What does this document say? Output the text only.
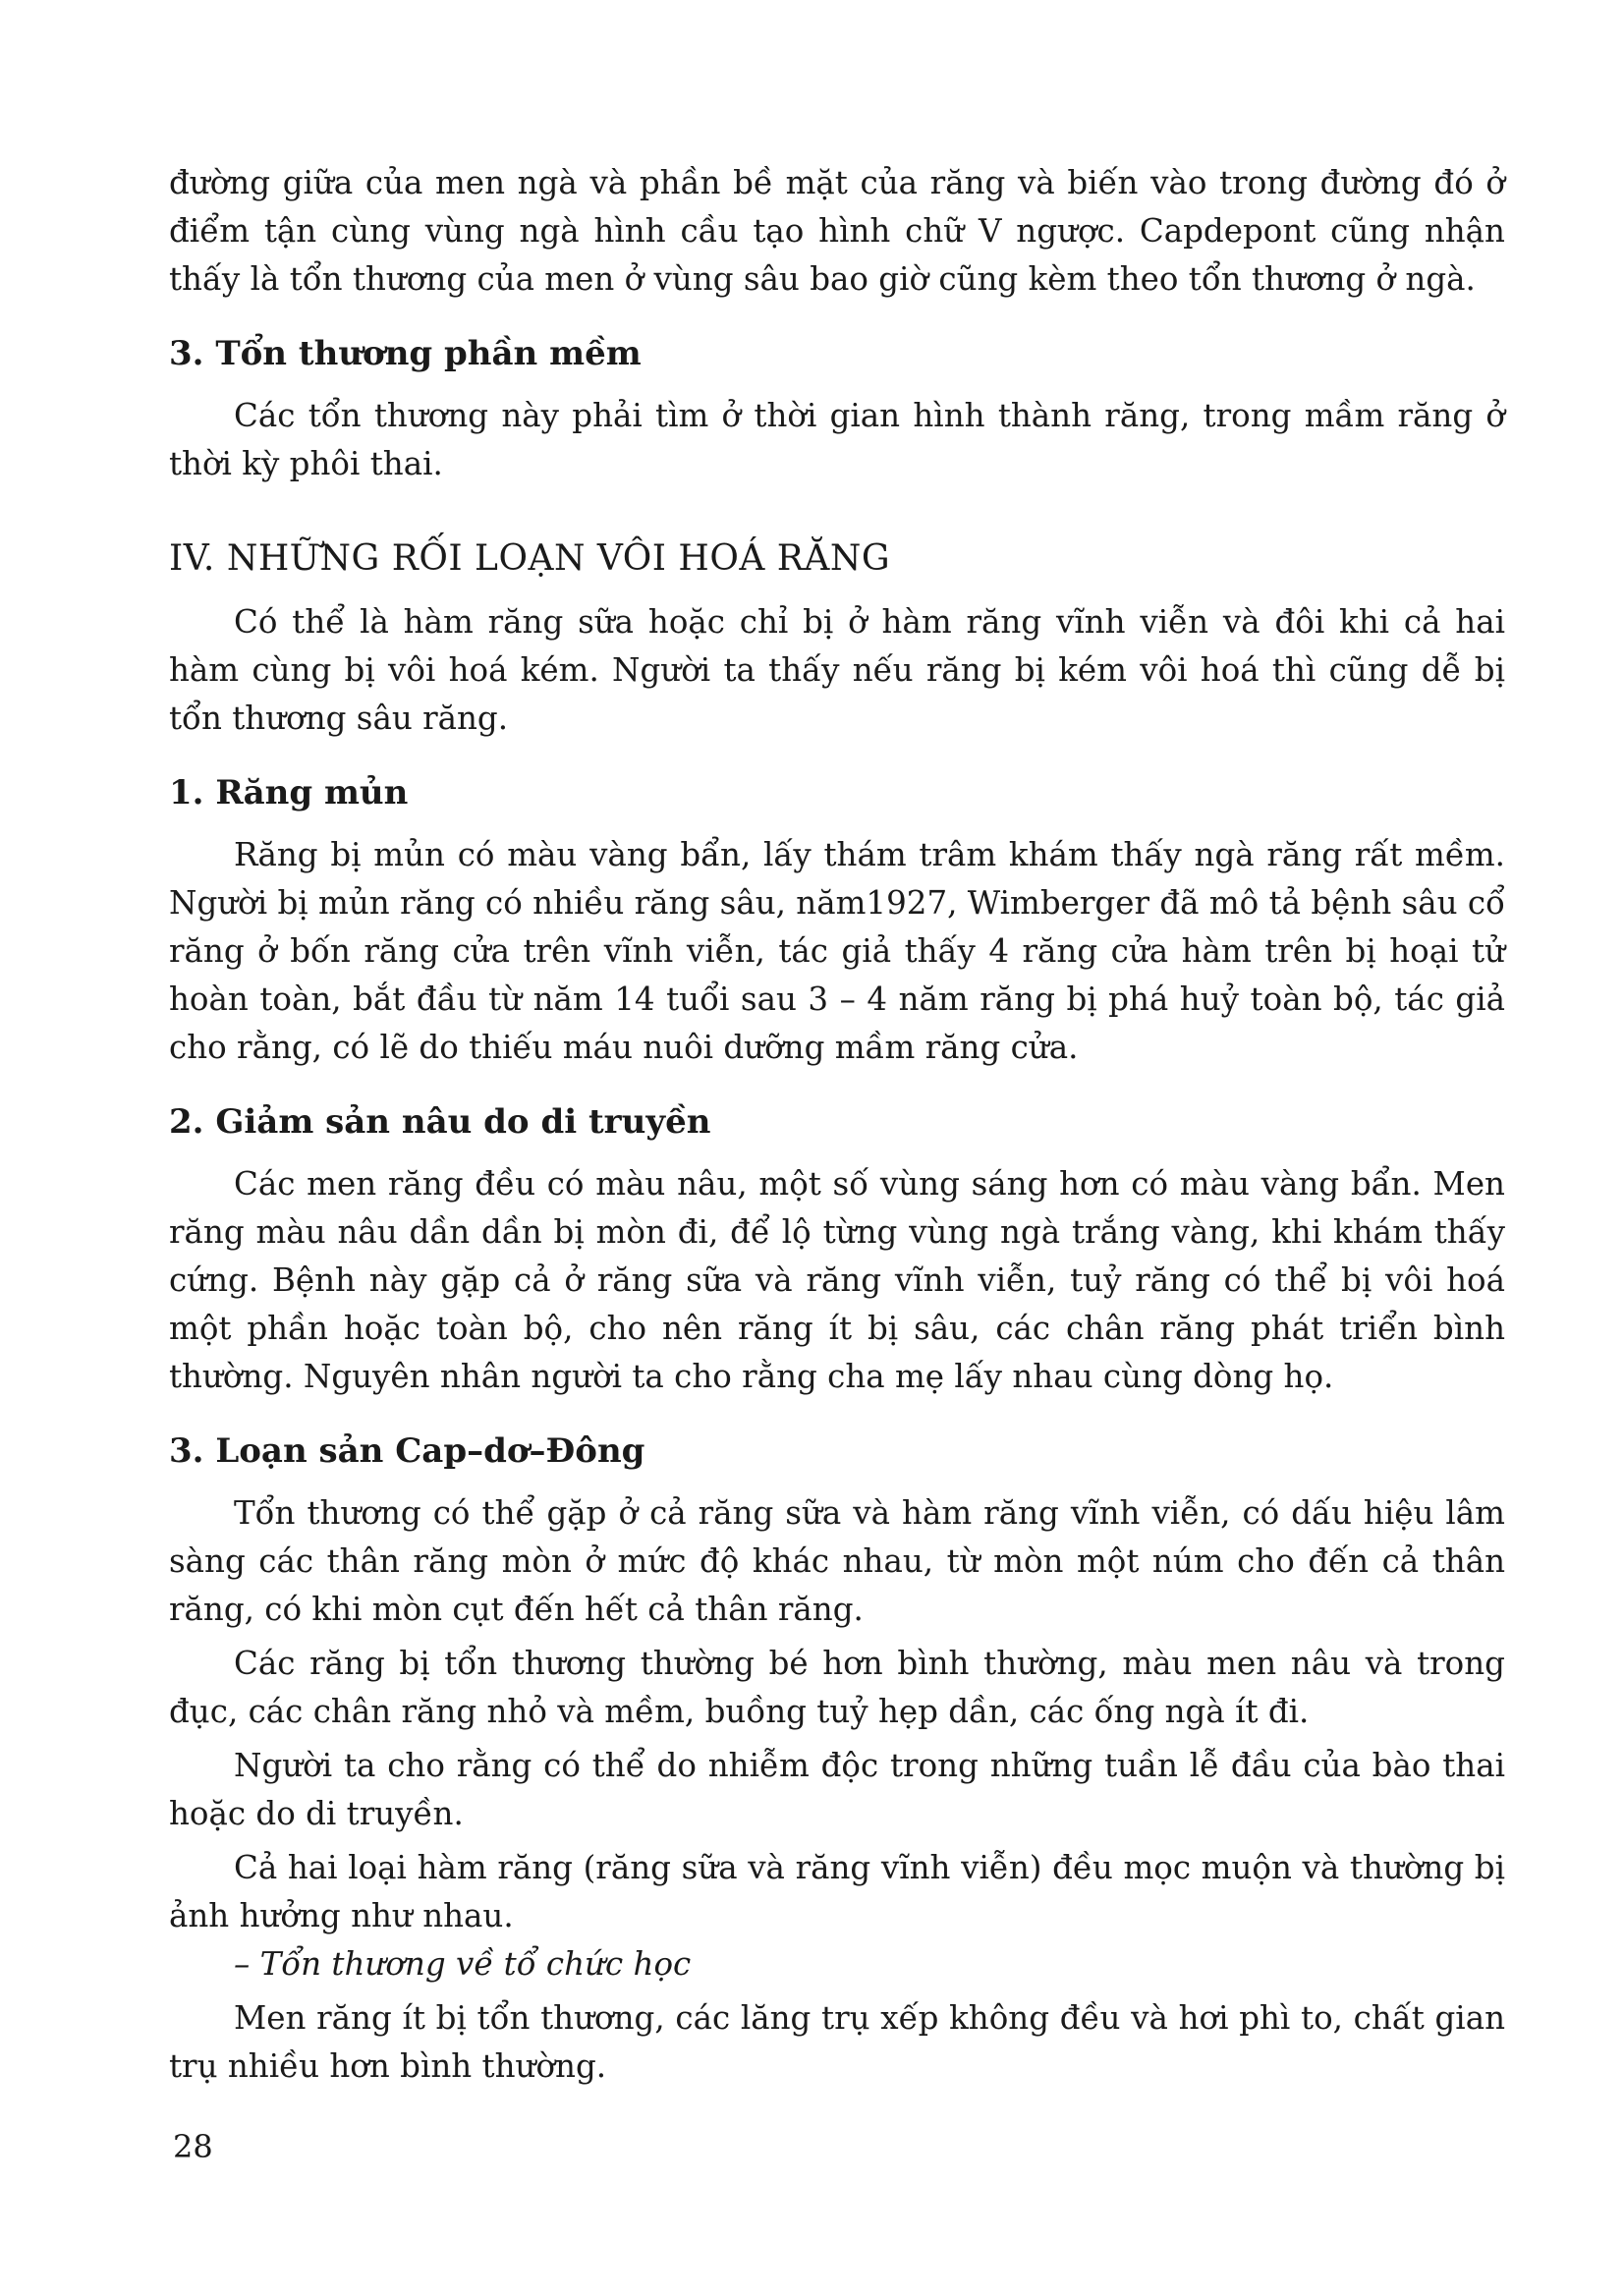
đường giữa của men ngà và phần bề mặt của răng và biến vào trong đường đó ở điểm tận cùng vùng ngà hình cầu tạo hình chữ V ngược. Capdepont cũng nhận thấy là tổn thương của men ở vùng sâu bao giờ cũng kèm theo tổn thương ở ngà.

3. Tổn thương phần mềm

Các tổn thương này phải tìm ở thời gian hình thành răng, trong mầm răng ở thời kỳ phôi thai.

IV. NHỮNG RỐI LOẠN VÔI HOÁ RĂNG

Có thể là hàm răng sữa hoặc chỉ bị ở hàm răng vĩnh viễn và đôi khi cả hai hàm cùng bị vôi hoá kém. Người ta thấy nếu răng bị kém vôi hoá thì cũng dễ bị tổn thương sâu răng.

1. Răng mủn

Răng bị mủn có màu vàng bẩn, lấy thám trâm khám thấy ngà răng rất mềm. Người bị mủn răng có nhiều răng sâu, năm1927, Wimberger đã mô tả bệnh sâu cổ răng ở bốn răng cửa trên vĩnh viễn, tác giả thấy 4 răng cửa hàm trên bị hoại tử hoàn toàn, bắt đầu từ năm 14 tuổi sau 3 – 4 năm răng bị phá huỷ toàn bộ, tác giả cho rằng, có lẽ do thiếu máu nuôi dưỡng mầm răng cửa.

2. Giảm sản nâu do di truyền

Các men răng đều có màu nâu, một số vùng sáng hơn có màu vàng bẩn. Men răng màu nâu dần dần bị mòn đi, để lộ từng vùng ngà trắng vàng, khi khám thấy cứng. Bệnh này gặp cả ở răng sữa và răng vĩnh viễn, tuỷ răng có thể bị vôi hoá một phần hoặc toàn bộ, cho nên răng ít bị sâu, các chân răng phát triển bình thường. Nguyên nhân người ta cho rằng cha mẹ lấy nhau cùng dòng họ.

3. Loạn sản Cap–dơ–Đông

Tổn thương có thể gặp ở cả răng sữa và hàm răng vĩnh viễn, có dấu hiệu lâm sàng các thân răng mòn ở mức độ khác nhau, từ mòn một núm cho đến cả thân răng, có khi mòn cụt đến hết cả thân răng.

Các răng bị tổn thương thường bé hơn bình thường, màu men nâu và trong đục, các chân răng nhỏ và mềm, buồng tuỷ hẹp dần, các ống ngà ít đi.

Người ta cho rằng có thể do nhiễm độc trong những tuần lễ đầu của bào thai hoặc do di truyền.

Cả hai loại hàm răng (răng sữa và răng vĩnh viễn) đều mọc muộn và thường bị ảnh hưởng như nhau.

– Tổn thương về tổ chức học

Men răng ít bị tổn thương, các lăng trụ xếp không đều và hơi phì to, chất gian trụ nhiều hơn bình thường.

28
